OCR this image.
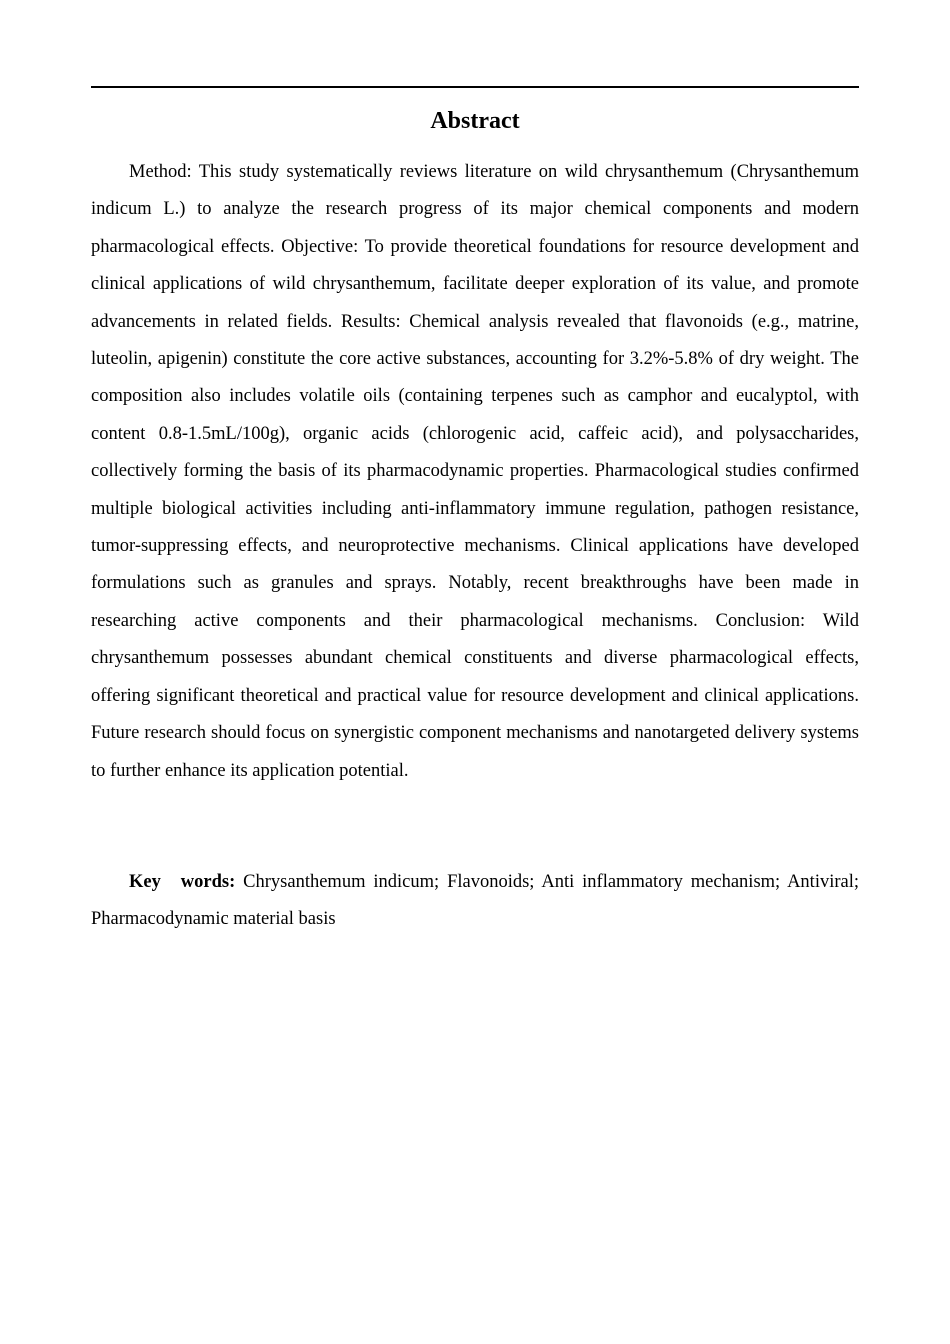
Abstract

Method: This study systematically reviews literature on wild chrysanthemum (Chrysanthemum indicum L.) to analyze the research progress of its major chemical components and modern pharmacological effects. Objective: To provide theoretical foundations for resource development and clinical applications of wild chrysanthemum, facilitate deeper exploration of its value, and promote advancements in related fields. Results: Chemical analysis revealed that flavonoids (e.g., matrine, luteolin, apigenin) constitute the core active substances, accounting for 3.2%-5.8% of dry weight. The composition also includes volatile oils (containing terpenes such as camphor and eucalyptol, with content 0.8-1.5mL/100g), organic acids (chlorogenic acid, caffeic acid), and polysaccharides, collectively forming the basis of its pharmacodynamic properties. Pharmacological studies confirmed multiple biological activities including anti-inflammatory immune regulation, pathogen resistance, tumor-suppressing effects, and neuroprotective mechanisms. Clinical applications have developed formulations such as granules and sprays. Notably, recent breakthroughs have been made in researching active components and their pharmacological mechanisms. Conclusion: Wild chrysanthemum possesses abundant chemical constituents and diverse pharmacological effects, offering significant theoretical and practical value for resource development and clinical applications. Future research should focus on synergistic component mechanisms and nanotargeted delivery systems to further enhance its application potential.

Key words: Chrysanthemum indicum; Flavonoids; Anti inflammatory mechanism; Antiviral; Pharmacodynamic material basis
